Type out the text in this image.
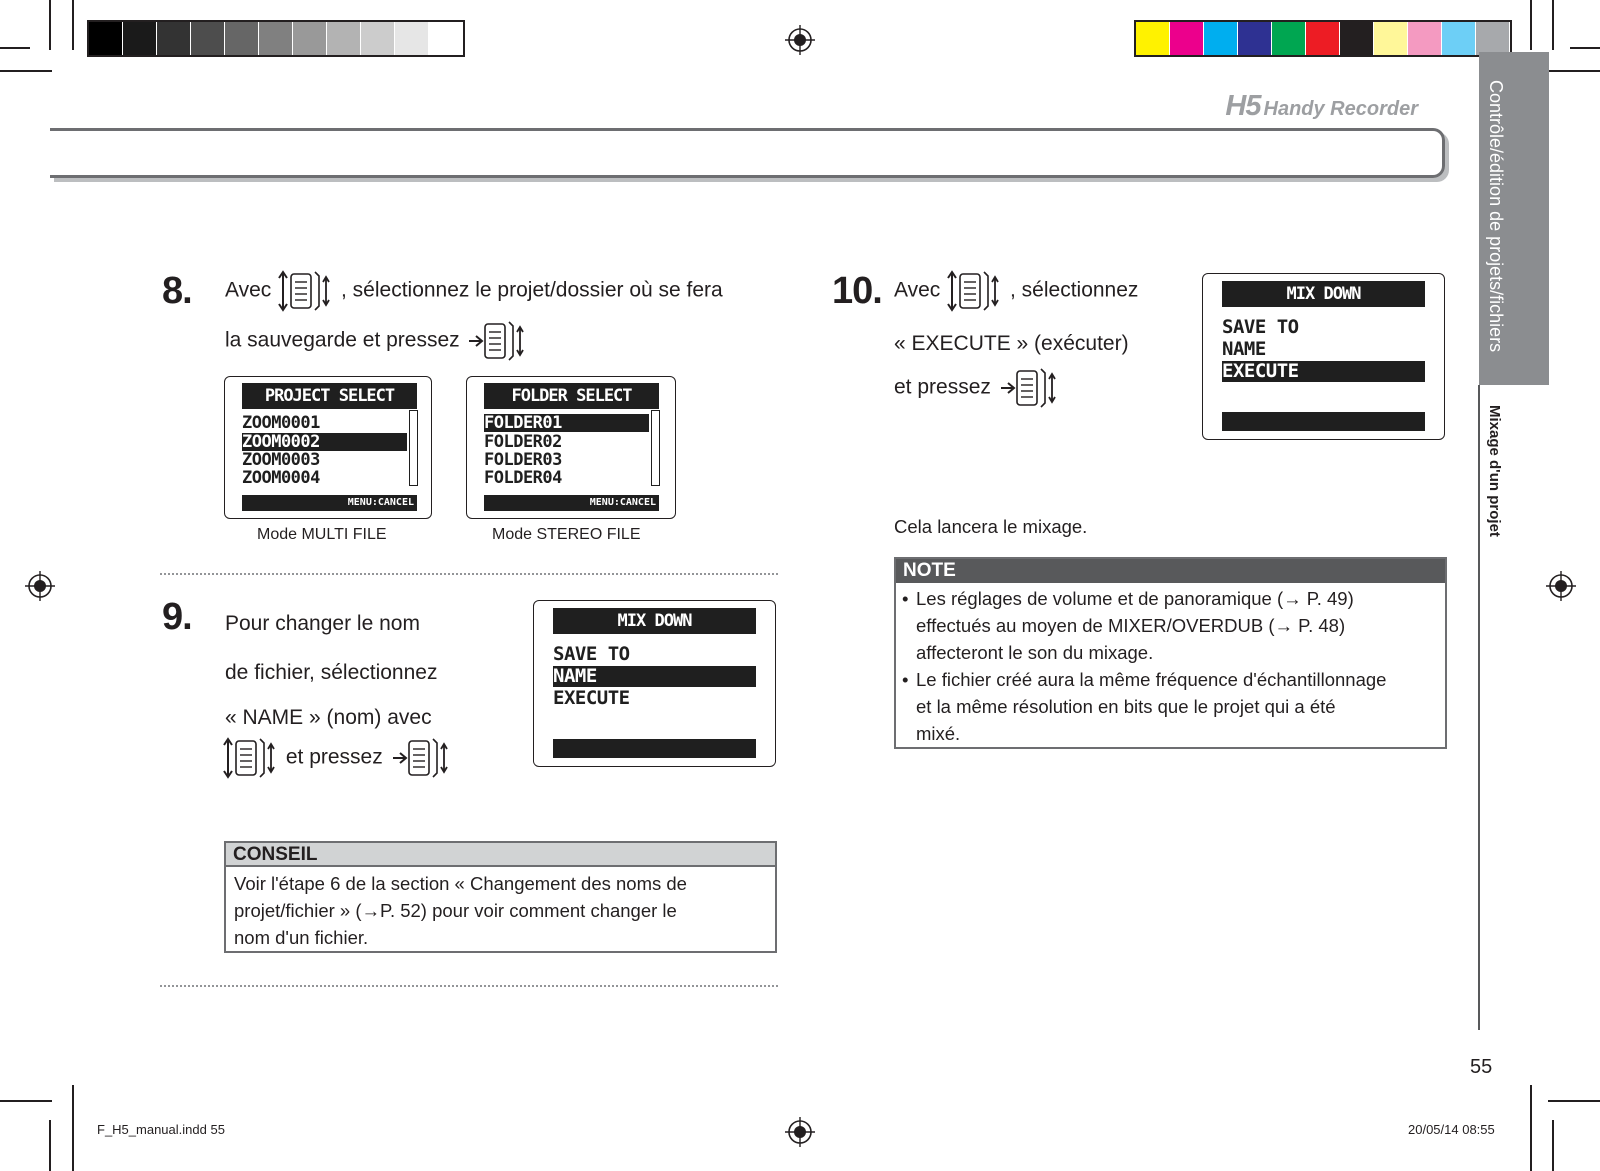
H5 Handy Recorder	Contrôle/édition de projets/fichiers
Mixage d'un projet
8. Avec	, sélectionnez le projet/dossier où se fera
la sauvegarde et pressez
PROJECT SELECT
ZOOM0001
ZOOM0002
ZOOM0003
ZOOM0004
MENU:CANCEL
Mode MULTI FILE
FOLDER SELECT
FOLDER01
FOLDER02
FOLDER03
FOLDER04
MENU:CANCEL
Mode STEREO FILE
9. Pour changer le nom
de fichier, sélectionnez
« NAME » (nom) avec
et pressez
MIX DOWN
SAVE TO
NAME
EXECUTE
CONSEIL
Voir l'étape 6 de la section « Changement des noms de
projet/fichier » (→P. 52) pour voir comment changer le
nom d'un fichier.
10. Avec	, sélectionnez
« EXECUTE » (exécuter)
et pressez
MIX DOWN
SAVE TO
NAME
EXECUTE
Cela lancera le mixage.
NOTE
• Les réglages de volume et de panoramique (→ P. 49)
effectués au moyen de MIXER/OVERDUB (→ P. 48)
affecteront le son du mixage.
• Le fichier créé aura la même fréquence d'échantillonnage
et la même résolution en bits que le projet qui a été
mixé.
55
F_H5_manual.indd 55	20/05/14 08:55
